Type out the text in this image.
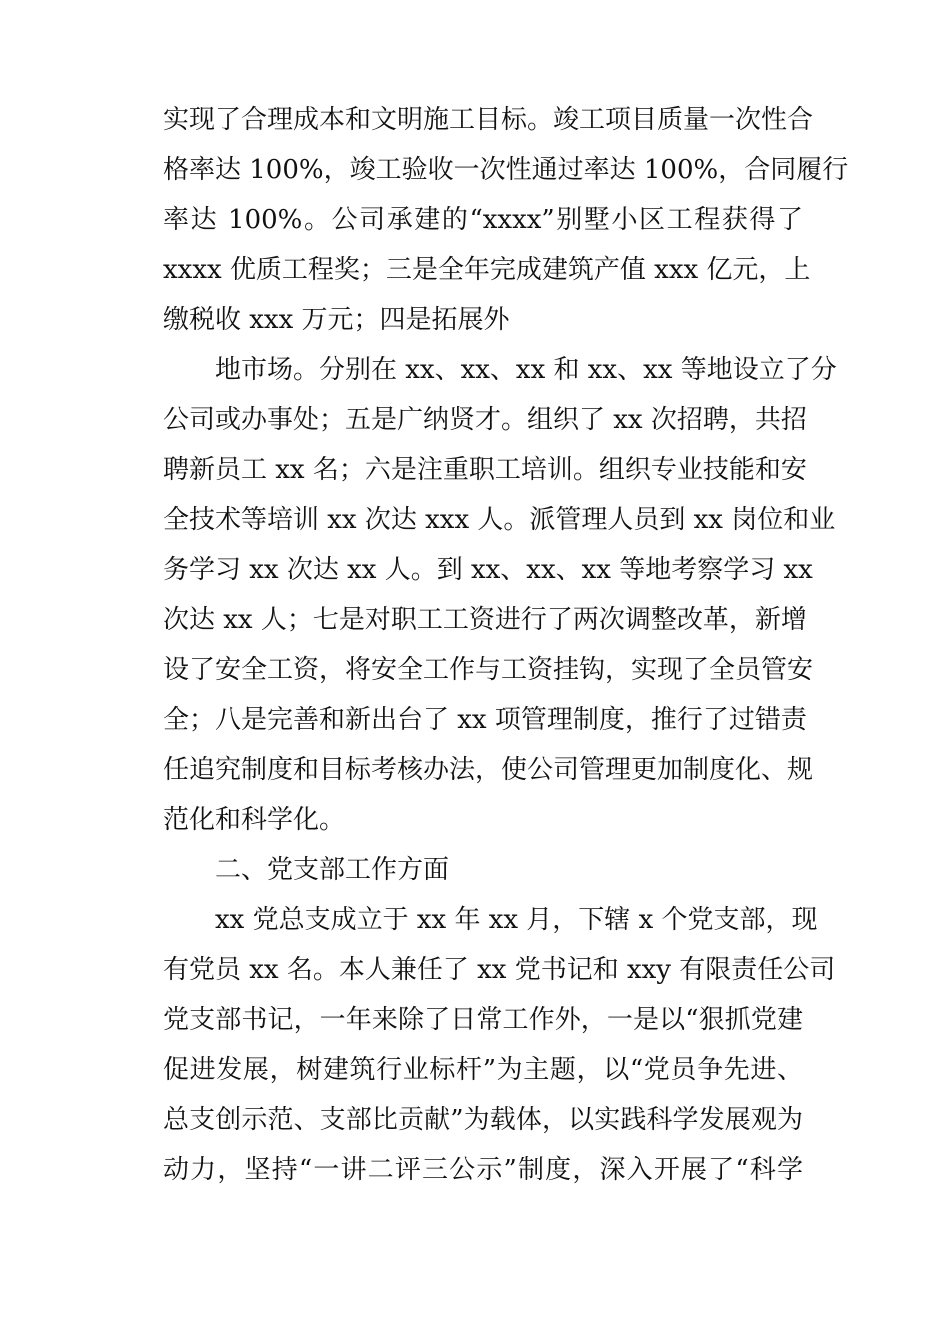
实现了合理成本和文明施工目标。竣工项目质量一次性合
格率达 100%，竣工验收一次性通过率达 100%，合同履行
率达 100%。公司承建的“xxxx”别墅小区工程获得了
xxxx 优质工程奖；三是全年完成建筑产值 xxx 亿元，上
缴税收 xxx 万元；四是拓展外
地市场。分别在 xx、xx、xx 和 xx、xx 等地设立了分
公司或办事处；五是广纳贤才。组织了 xx 次招聘，共招
聘新员工 xx 名；六是注重职工培训。组织专业技能和安
全技术等培训 xx 次达 xxx 人。派管理人员到 xx 岗位和业
务学习 xx 次达 xx 人。到 xx、xx、xx 等地考察学习 xx
次达 xx 人；七是对职工工资进行了两次调整改革，新增
设了安全工资，将安全工作与工资挂钩，实现了全员管安
全；八是完善和新出台了 xx 项管理制度，推行了过错责
任追究制度和目标考核办法，使公司管理更加制度化、规
范化和科学化。
二、党支部工作方面
xx 党总支成立于 xx 年 xx 月，下辖 x 个党支部，现
有党员 xx 名。本人兼任了 xx 党书记和 xxy 有限责任公司
党支部书记，一年来除了日常工作外，一是以“狠抓党建
促进发展，树建筑行业标杆”为主题，以“党员争先进、
总支创示范、支部比贡献”为载体，以实践科学发展观为
动力，坚持“一讲二评三公示”制度，深入开展了“科学
